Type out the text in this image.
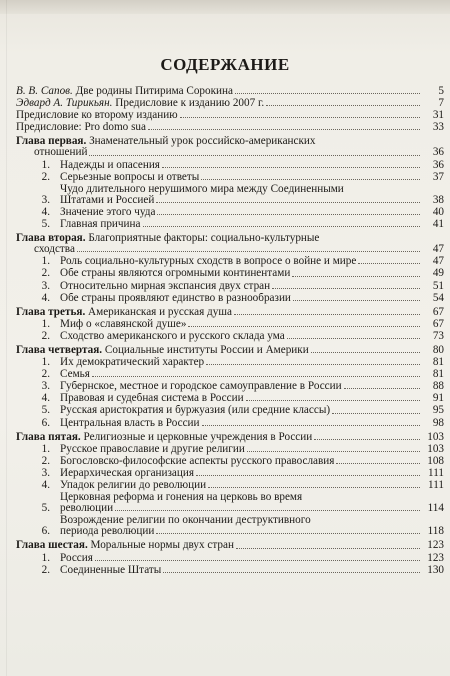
СОДЕРЖАНИЕ
В. В. Сапов. Две родины Питирима Сорокина	5
Эдвард А. Тирикьян. Предисловие к изданию 2007 г.	7
Предисловие ко второму изданию	31
Предисловие: Pro domo sua	33
Глава первая. Знаменательный урок российско-американских
отношений	36
1. Надежды и опасения	36
2. Серьезные вопросы и ответы	37
3.
Чудо длительного нерушимого мира между Соединенными
Штатами и Россией	38
4. Значение этого чуда	40
5. Главная причина	41
Глава вторая. Благоприятные факторы: социально-культурные
сходства	47
1. Роль социально-культурных сходств в вопросе о войне и мире	47
2. Обе страны являются огромными континентами	49
3. Относительно мирная экспансия двух стран	51
4. Обе страны проявляют единство в разнообразии	54
Глава третья. Американская и русская душа	67
1. Миф о «славянской душе»	67
2. Сходство американского и русского склада ума	73
Глава четвертая. Социальные институты России и Америки	80
1. Их демократический характер	81
2. Семья	81
3. Губернское, местное и городское самоуправление в России	88
4. Правовая и судебная система в России	91
5. Русская аристократия и буржуазия (или средние классы)	95
6. Центральная власть в России	98
Глава пятая. Религиозные и церковные учреждения в России	103
1. Русское православие и другие религии	103
2. Богословско-философские аспекты русского православия	108
3. Иерархическая организация	111
4. Упадок религии до революции	111
5.
Церковная реформа и гонения на церковь во время
революции	114
6.
Возрождение религии по окончании деструктивного
периода революции	118
Глава шестая. Моральные нормы двух стран	123
1. Россия	123
2. Соединенные Штаты	130
